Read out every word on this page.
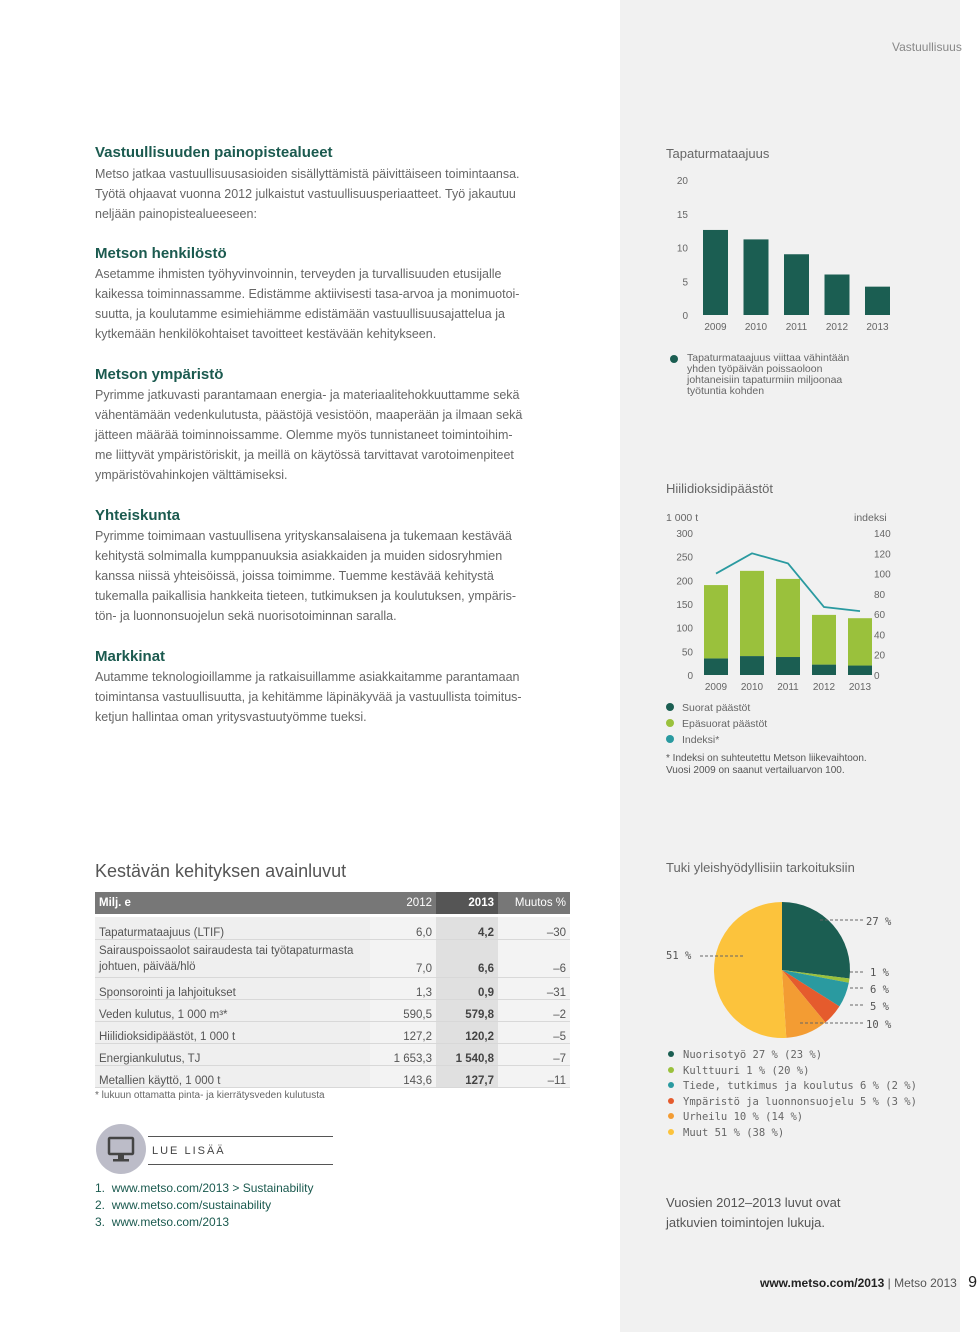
Vastuullisuus
Vastuullisuuden painopistealueet

Metso jatkaa vastuullisuusasioiden sisällyttämistä päivittäiseen toimintaansa.
Työtä ohjaavat vuonna 2012 julkaistut vastuullisuusperiaatteet. Työ jakautuu
neljään painopistealueeseen:

Metson henkilöstö

Asetamme ihmisten työhyvinvoinnin, terveyden ja turvallisuuden etusijalle
kaikessa toiminnassamme. Edistämme aktiivisesti tasa-arvoa ja monimuotoi-
suutta, ja koulutamme esimiehiämme edistämään vastuullisuusajattelua ja
kytkemään henkilökohtaiset tavoitteet kestävään kehitykseen.

Metson ympäristö

Pyrimme jatkuvasti parantamaan energia- ja materiaalitehokkuuttamme sekä
vähentämään vedenkulutusta, päästöjä vesistöön, maaperään ja ilmaan sekä
jätteen määrää toiminnoissamme. Olemme myös tunnistaneet toimintoihim-
me liittyvät ympäristöriskit, ja meillä on käytössä tarvittavat varotoimenpiteet
ympäristövahinkojen välttämiseksi.

Yhteiskunta

Pyrimme toimimaan vastuullisena yrityskansalaisena ja tukemaan kestävää
kehitystä solmimalla kumppanuuksia asiakkaiden ja muiden sidosryhmien
kanssa niissä yhteisöissä, joissa toimimme. Tuemme kestävää kehitystä
tukemalla paikallisia hankkeita tieteen, tutkimuksen ja koulutuksen, ympäris-
tön- ja luonnonsuojelun sekä nuorisotoiminnan saralla.

Markkinat

Autamme teknologioillamme ja ratkaisuillamme asiakkaitamme parantamaan
toimintansa vastuullisuutta, ja kehitämme läpinäkyvää ja vastuullista toimitus-
ketjun hallintaa oman yritysvastuutyömme tueksi.

Tapaturmataajuus
0
5
10
15
20
2009 2010 2011 2012 2013
Tapaturmataajuus viittaa vähintään
yhden työpäivän poissaoloon
johtaneisiin tapaturmiin miljoonaa
työtuntia kohden
Hiilidioksidipäästöt
1 000 t	indeksi
0
50
100
150
200
250
300
0
20
40
60
80
100
120
140
2009 2010 2011 2012 2013
Suorat päästöt
Epäsuorat päästöt
Indeksi*
* Indeksi on suhteutettu Metson liikevaihtoon.
Vuosi 2009 on saanut vertailuarvon 100.
Kestävän kehityksen avainluvut
Milj. e	2012	2013	Muutos %

Tapaturmataajuus (LTIF)	6,0	4,2	–30
Sairauspoissaolot sairaudesta tai työtapaturmasta
johtuen, päivää/hlö	7,0	6,6	–6
Sponsorointi ja lahjoitukset	1,3	0,9	–31
Veden kulutus, 1 000 m³*	590,5	579,8	–2
Hiilidioksidipäästöt, 1 000 t	127,2	120,2	–5
Energiankulutus, TJ	1 653,3	1 540,8	–7
Metallien käyttö, 1 000 t	143,6	127,7	–11
* lukuun ottamatta pinta- ja kierrätysveden kulutusta
LUE LISÄÄ
1. www.metso.com/2013 > Sustainability
2. www.metso.com/sustainability
3. www.metso.com/2013
Tuki yleishyödyllisiin tarkoituksiin
27 %
1 %
6 %
5 %
10 %
51 %
Nuorisotyö 27 % (23 %)
Kulttuuri 1 % (20 %)
Tiede, tutkimus ja koulutus 6 % (2 %)
Ympäristö ja luonnonsuojelu 5 % (3 %)
Urheilu 10 % (14 %)
Muut 51 % (38 %)
Vuosien 2012–2013 luvut ovat
jatkuvien toimintojen lukuja.
www.metso.com/2013 | Metso 2013 9
